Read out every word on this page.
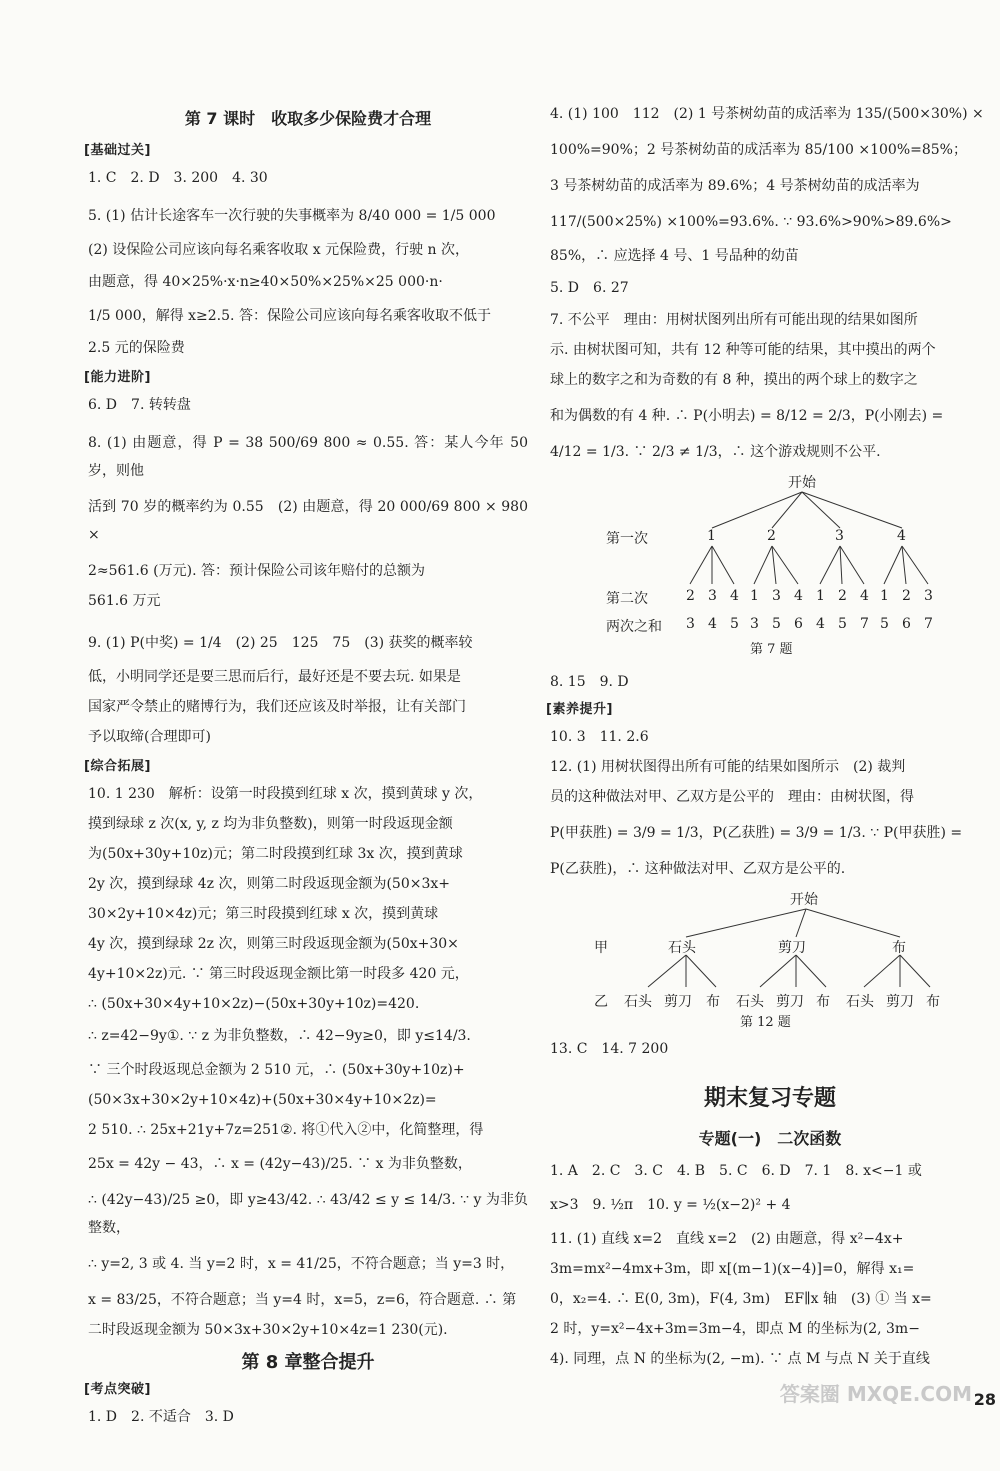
第 7 课时　收取多少保险费才合理
[基础过关]
1. C　2. D　3. 200　4. 30
5. (1) 估计长途客车一次行驶的失事概率为 8/40 000 = 1/5 000
(2) 设保险公司应该向每名乘客收取 x 元保险费，行驶 n 次，
由题意，得 40×25%·x·n≥40×50%×25%×25 000·n·
1/5 000，解得 x≥2.5. 答：保险公司应该向每名乘客收取不低于
2.5 元的保险费
[能力进阶]
6. D　7. 转转盘
8. (1) 由题意，得 P = 38 500/69 800 ≈ 0.55. 答：某人今年 50 岁，则他
活到 70 岁的概率约为 0.55　(2) 由题意，得 20 000/69 800 × 980 ×
2≈561.6 (万元). 答：预计保险公司该年赔付的总额为
561.6 万元
9. (1) P(中奖) = 1/4　(2) 25　125　75　(3) 获奖的概率较
低，小明同学还是要三思而后行，最好还是不要去玩. 如果是
国家严令禁止的赌博行为，我们还应该及时举报，让有关部门
予以取缔(合理即可)
[综合拓展]
10. 1 230　解析：设第一时段摸到红球 x 次，摸到黄球 y 次，
摸到绿球 z 次(x, y, z 均为非负整数)，则第一时段返现金额
为(50x+30y+10z)元；第二时段摸到红球 3x 次，摸到黄球
2y 次，摸到绿球 4z 次，则第二时段返现金额为(50×3x+
30×2y+10×4z)元；第三时段摸到红球 x 次，摸到黄球
4y 次，摸到绿球 2z 次，则第三时段返现金额为(50x+30×
4y+10×2z)元. ∵ 第三时段返现金额比第一时段多 420 元，
∴ (50x+30×4y+10×2z)−(50x+30y+10z)=420.
∴ z=42−9y①. ∵ z 为非负整数，∴ 42−9y≥0，即 y≤14/3.
∵ 三个时段返现总金额为 2 510 元，∴ (50x+30y+10z)+
(50×3x+30×2y+10×4z)+(50x+30×4y+10×2z)=
2 510. ∴ 25x+21y+7z=251②. 将①代入②中，化简整理，得
25x = 42y − 43，∴ x = (42y−43)/25. ∵ x 为非负整数，
∴ (42y−43)/25 ≥0，即 y≥43/42. ∴ 43/42 ≤ y ≤ 14/3. ∵ y 为非负整数，
∴ y=2, 3 或 4. 当 y=2 时，x = 41/25，不符合题意；当 y=3 时，
x = 83/25，不符合题意；当 y=4 时，x=5，z=6，符合题意. ∴ 第
二时段返现金额为 50×3x+30×2y+10×4z=1 230(元).
第 8 章整合提升
[考点突破]
1. D　2. 不适合　3. D
4. (1) 100　112　(2) 1 号茶树幼苗的成活率为 135/(500×30%) ×
100%=90%；2 号茶树幼苗的成活率为 85/100 ×100%=85%；
3 号茶树幼苗的成活率为 89.6%；4 号茶树幼苗的成活率为
117/(500×25%) ×100%=93.6%. ∵ 93.6%>90%>89.6%>
85%，∴ 应选择 4 号、1 号品种的幼苗
5. D　6. 27
7. 不公平　理由：用树状图列出所有可能出现的结果如图所
示. 由树状图可知，共有 12 种等可能的结果，其中摸出的两个
球上的数字之和为奇数的有 8 种，摸出的两个球上的数字之
和为偶数的有 4 种. ∴ P(小明去) = 8/12 = 2/3，P(小刚去) =
4/12 = 1/3. ∵ 2/3 ≠ 1/3，∴ 这个游戏规则不公平.
开始
第一次
第二次
两次之和
1	2	3	4
2 3 4 1 3 4 1 2 4 1 2 3
3 4 5 3 5 6 4 5 7 5 6 7
第 7 题
8. 15　9. D
[素养提升]
10. 3　11. 2.6
12. (1) 用树状图得出所有可能的结果如图所示　(2) 裁判
员的这种做法对甲、乙双方是公平的　理由：由树状图，得
P(甲获胜) = 3/9 = 1/3，P(乙获胜) = 3/9 = 1/3. ∵ P(甲获胜) =
P(乙获胜)，∴ 这种做法对甲、乙双方是公平的.
开始
甲
乙
石头	剪刀	布
石头 剪刀 布 石头 剪刀 布 石头 剪刀 布
第 12 题
13. C　14. 7 200
期末复习专题
专题(一)　二次函数
1. A　2. C　3. C　4. B　5. C　6. D　7. 1　8. x<−1 或
x>3　9. ½π　10. y = ½(x−2)² + 4
11. (1) 直线 x=2　直线 x=2　(2) 由题意，得 x²−4x+
3m=mx²−4mx+3m，即 x[(m−1)(x−4)]=0，解得 x₁=
0，x₂=4. ∴ E(0, 3m)，F(4, 3m)　EF∥x 轴　(3) ① 当 x=
2 时，y=x²−4x+3m=3m−4，即点 M 的坐标为(2, 3m−
4). 同理，点 N 的坐标为(2, −m). ∵ 点 M 与点 N 关于直线
28
答案圈 MXQE.COM
